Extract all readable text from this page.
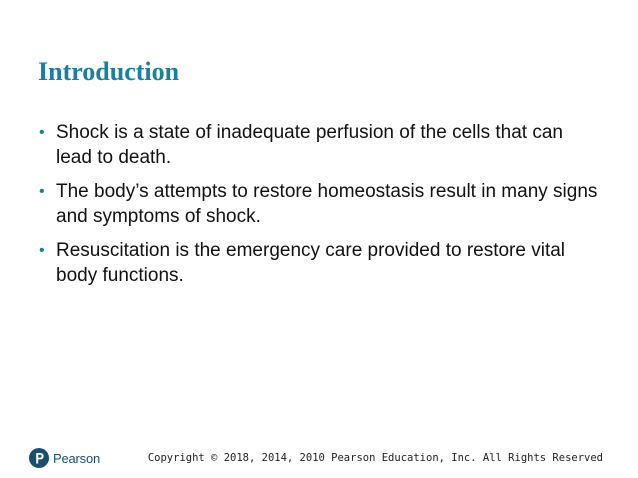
Introduction
• Shock is a state of inadequate perfusion of the cells that can lead to death.
• The body’s attempts to restore homeostasis result in many signs and symptoms of shock.
• Resuscitation is the emergency care provided to restore vital body functions.
Pearson	Copyright © 2018, 2014, 2010 Pearson Education, Inc. All Rights Reserved
